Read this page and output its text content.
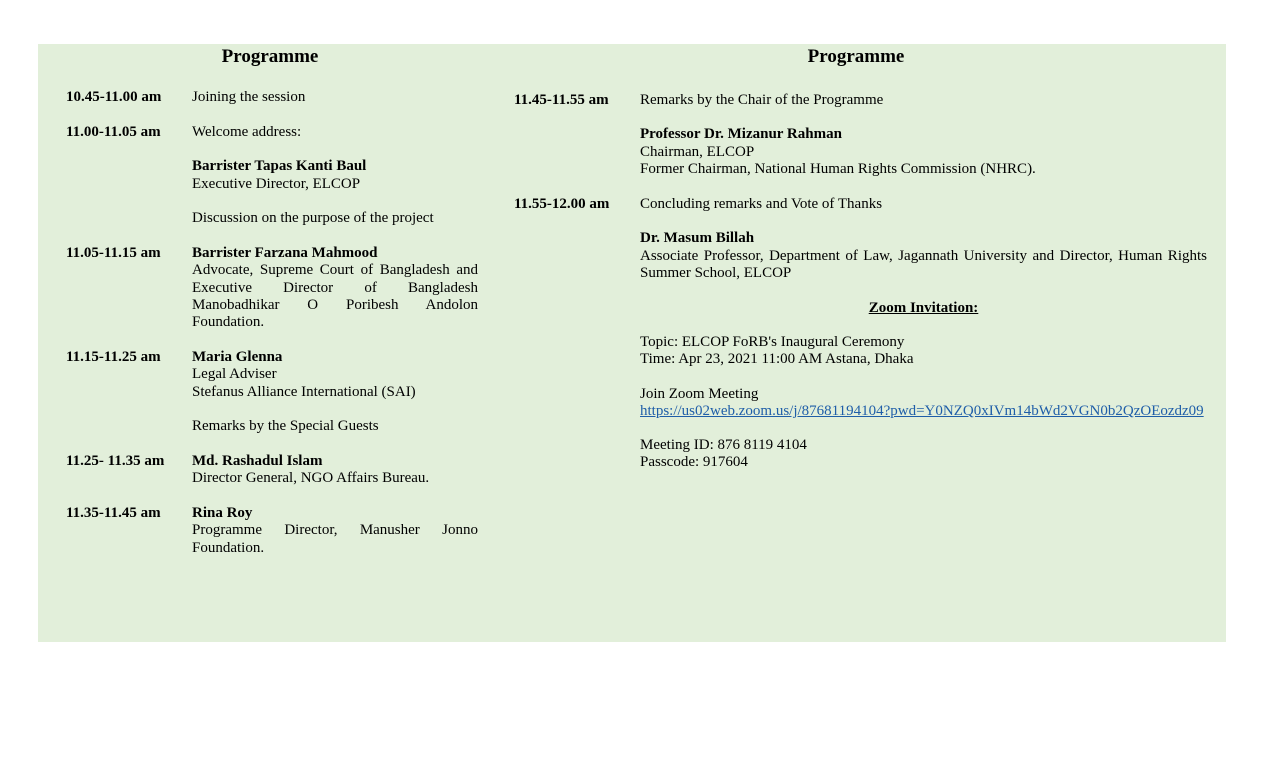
Programme
10.45-11.00 am Joining the session
11.00-11.05 am Welcome address:

Barrister Tapas Kanti Baul

Executive Director, ELCOP

Discussion on the purpose of the project

11.05-11.15 am Barrister Farzana Mahmood

Advocate, Supreme Court of Bangladesh and Executive Director of Bangladesh Manobadhikar O Poribesh Andolon Foundation.

11.15-11.25 am Maria Glenna

Legal Adviser

Stefanus Alliance International (SAI)

Remarks by the Special Guests

11.25- 11.35 am Md. Rashadul Islam

Director General, NGO Affairs Bureau.

11.35-11.45 am Rina Roy

Programme Director, Manusher Jonno Foundation.

Programme
11.45-11.55 am Remarks by the Chair of the Programme

Professor Dr. Mizanur Rahman

Chairman, ELCOP

Former Chairman, National Human Rights Commission (NHRC).

11.55-12.00 am Concluding remarks and Vote of Thanks

Dr. Masum Billah

Associate Professor, Department of Law, Jagannath University and Director, Human Rights Summer School, ELCOP

Zoom Invitation:

Topic: ELCOP FoRB's Inaugural Ceremony

Time: Apr 23, 2021 11:00 AM Astana, Dhaka

Join Zoom Meeting

https://us02web.zoom.us/j/87681194104?pwd=Y0NZQ0xIVm14bWd2VGN0b2QzOEozdz09

Meeting ID: 876 8119 4104

Passcode: 917604
